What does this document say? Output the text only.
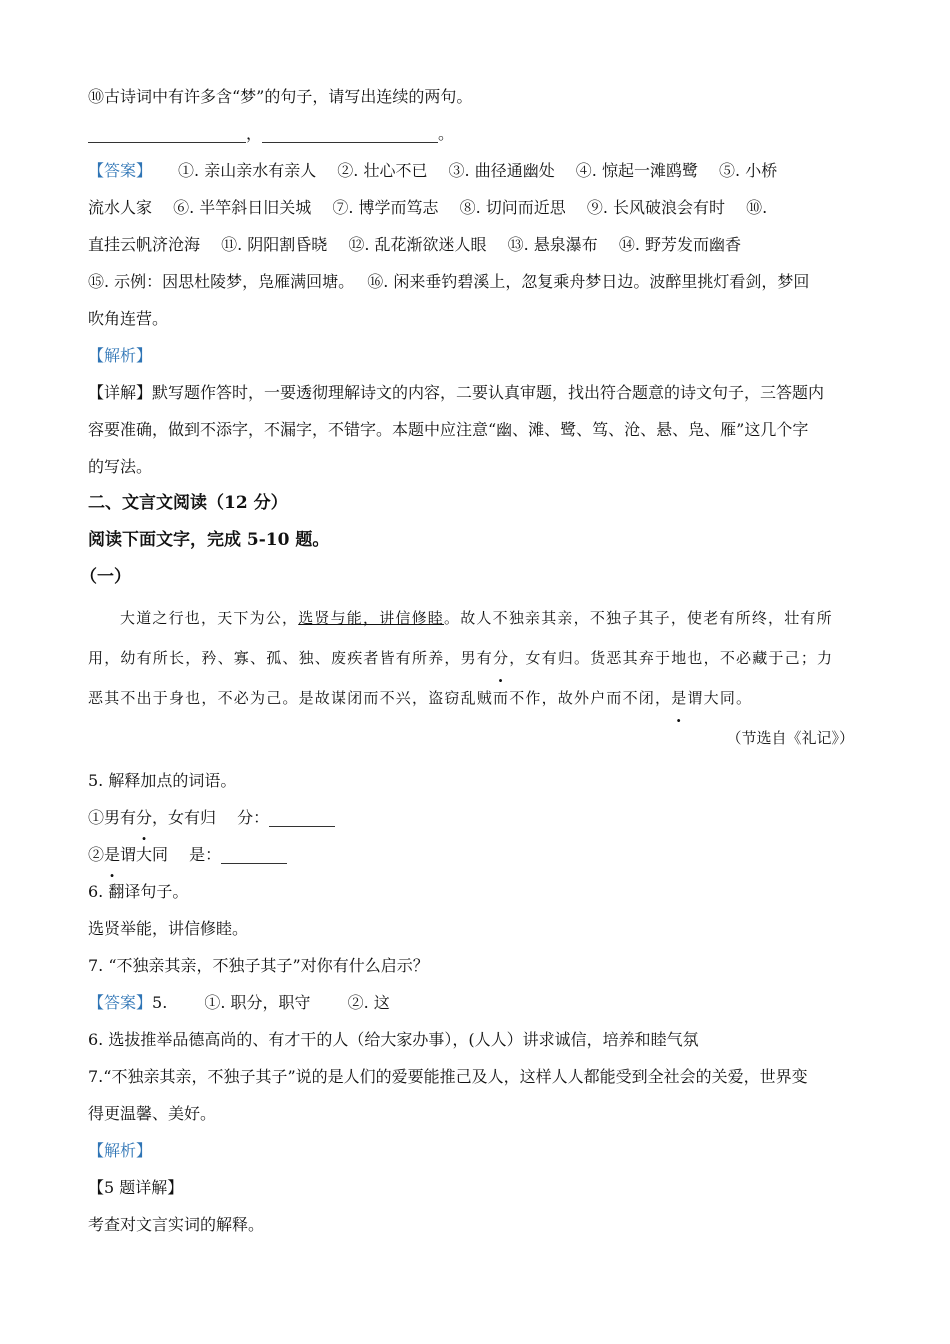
⑩古诗词中有许多含“梦”的句子，请写出连续的两句。
，	。
【答案】 ①. 亲山亲水有亲人　 ②. 壮心不已　 ③. 曲径通幽处　 ④. 惊起一滩鸥鹭　 ⑤. 小桥
流水人家　 ⑥. 半竿斜日旧关城　 ⑦. 博学而笃志　 ⑧. 切问而近思　 ⑨. 长风破浪会有时　 ⑩.
直挂云帆济沧海　 ⑪. 阴阳割昏晓　 ⑫. 乱花渐欲迷人眼　 ⑬. 悬泉瀑布　 ⑭. 野芳发而幽香
⑮. 示例：因思杜陵梦，凫雁满回塘。　 ⑯. 闲来垂钓碧溪上，忽复乘舟梦日边。波醉里挑灯看剑，梦回
吹角连营。
【解析】
【详解】默写题作答时，一要透彻理解诗文的内容，二要认真审题，找出符合题意的诗文句子，三答题内
容要准确，做到不添字，不漏字，不错字。本题中应注意“幽、滩、鹭、笃、沧、悬、凫、雁”这几个字
的写法。
二、文言文阅读（12 分）
阅读下面文字，完成 5-10 题。
（一）

大道之行也，天下为公，选贤与能，讲信修睦。故人不独亲其亲，不独子其子，使老有所终，壮有所

用，幼有所长，矜、寡、孤、独、废疾者皆有所养，男有分，女有归。货恶其弃于地也，不必藏于己；力

恶其不出于身也，不必为己。是故谋闭而不兴，盗窃乱贼而不作，故外户而不闭，是谓大同。

（节选自《礼记》）
5. 解释加点的词语。
①男有分，女有归　 分：
②是谓大同　 是：
6. 翻译句子。
选贤举能，讲信修睦。
7. “不独亲其亲，不独子其子”对你有什么启示？
【答案】5.　　 ①. 职分，职守　　 ②. 这
6. 选拔推举品德高尚的、有才干的人（给大家办事），(人人）讲求诚信，培养和睦气氛
7.“不独亲其亲，不独子其子”说的是人们的爱要能推己及人，这样人人都能受到全社会的关爱，世界变
得更温馨、美好。
【解析】
【5 题详解】
考查对文言实词的解释。
